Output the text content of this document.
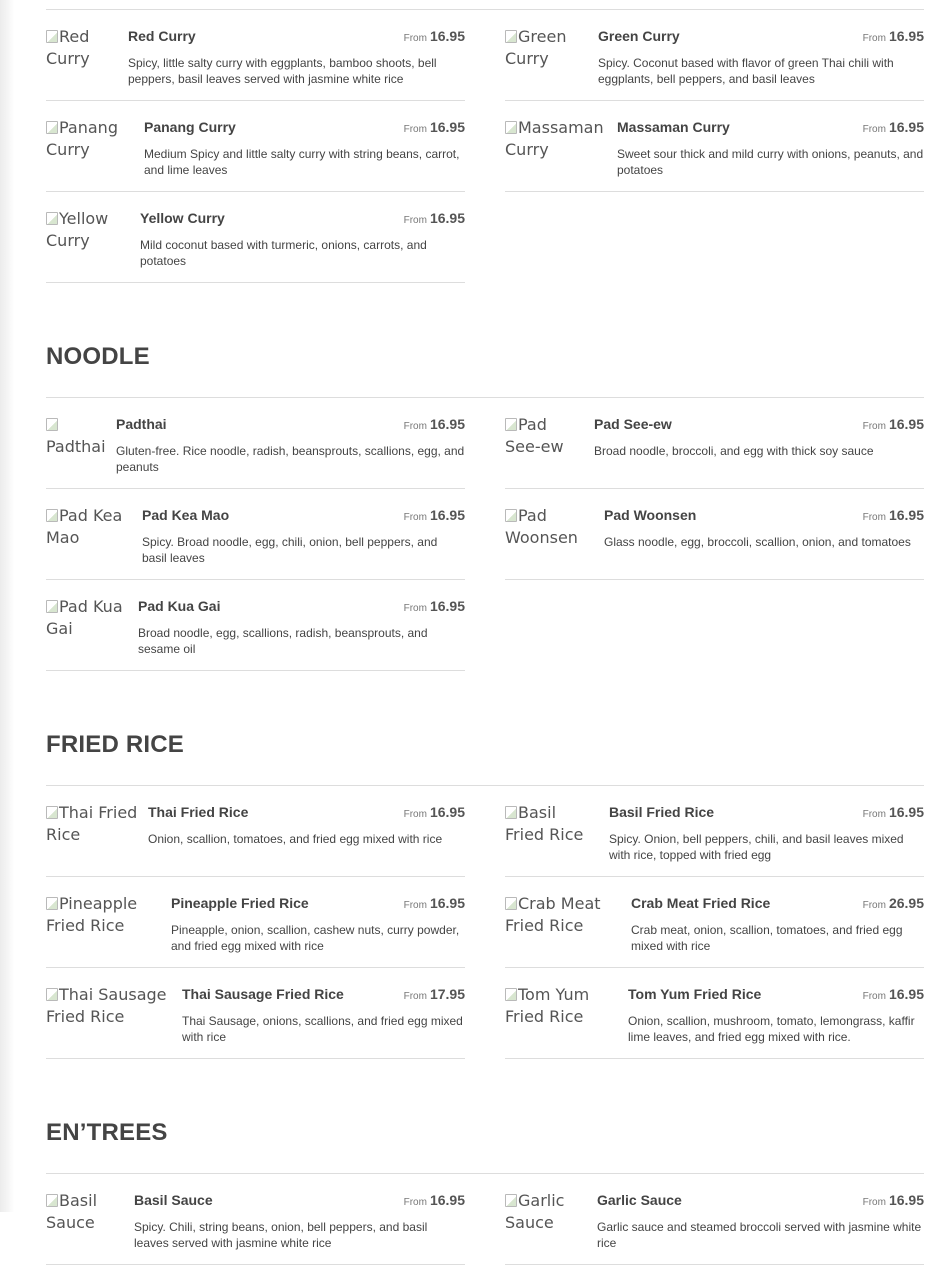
Red
Curry
Red Curry	From 16.95
Spicy, little salty curry with eggplants, bamboo shoots, bell peppers, basil leaves served with jasmine white rice
Green
Curry
Green Curry	From 16.95
Spicy. Coconut based with flavor of green Thai chili with eggplants, bell peppers, and basil leaves
Panang
Curry
Panang Curry	From 16.95
Medium Spicy and little salty curry with string beans, carrot, and lime leaves
Massaman
Curry
Massaman Curry	From 16.95
Sweet sour thick and mild curry with onions, peanuts, and potatoes
Yellow
Curry
Yellow Curry	From 16.95
Mild coconut based with turmeric, onions, carrots, and potatoes
NOODLE

Padthai
Padthai	From 16.95
Gluten-free. Rice noodle, radish, beansprouts, scallions, egg, and peanuts
Pad
See-ew
Pad See-ew	From 16.95
Broad noodle, broccoli, and egg with thick soy sauce
Pad Kea
Mao
Pad Kea Mao	From 16.95
Spicy. Broad noodle, egg, chili, onion, bell peppers, and basil leaves
Pad
Woonsen
Pad Woonsen	From 16.95
Glass noodle, egg, broccoli, scallion, onion, and tomatoes
Pad Kua
Gai
Pad Kua Gai	From 16.95
Broad noodle, egg, scallions, radish, beansprouts, and sesame oil
FRIED RICE
Thai Fried
Rice
Thai Fried Rice	From 16.95
Onion, scallion, tomatoes, and fried egg mixed with rice
Basil
Fried Rice
Basil Fried Rice	From 16.95
Spicy. Onion, bell peppers, chili, and basil leaves mixed with rice, topped with fried egg
Pineapple
Fried Rice
Pineapple Fried Rice	From 16.95
Pineapple, onion, scallion, cashew nuts, curry powder, and fried egg mixed with rice
Crab Meat
Fried Rice
Crab Meat Fried Rice	From 26.95
Crab meat, onion, scallion, tomatoes, and fried egg mixed with rice
Thai Sausage
Fried Rice
Thai Sausage Fried Rice	From 17.95
Thai Sausage, onions, scallions, and fried egg mixed with rice
Tom Yum
Fried Rice
Tom Yum Fried Rice	From 16.95
Onion, scallion, mushroom, tomato, lemongrass, kaffir lime leaves, and fried egg mixed with rice.
EN’TREES
Basil
Sauce
Basil Sauce	From 16.95
Spicy. Chili, string beans, onion, bell peppers, and basil leaves served with jasmine white rice
Garlic
Sauce
Garlic Sauce	From 16.95
Garlic sauce and steamed broccoli served with jasmine white rice
